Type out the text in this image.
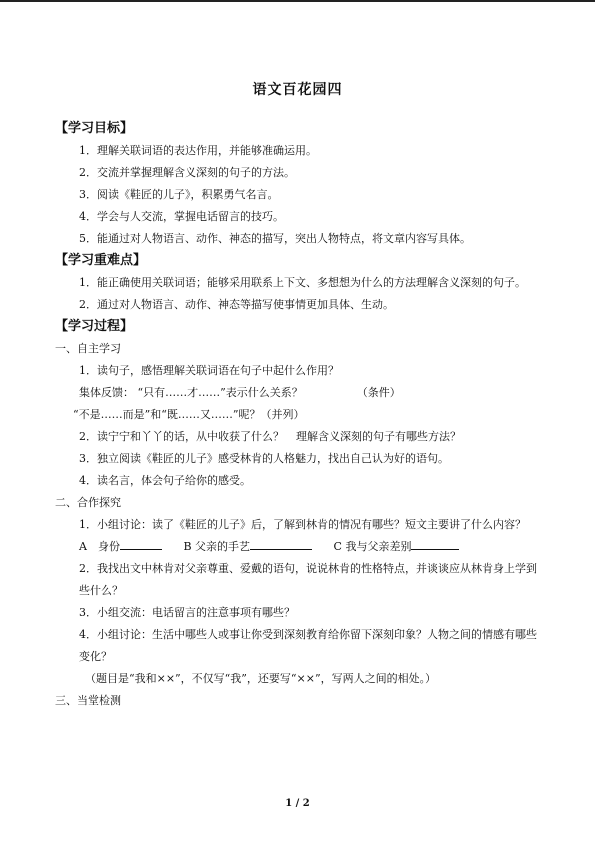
语文百花园四
【学习目标】
1．理解关联词语的表达作用，并能够准确运用。
2．交流并掌握理解含义深刻的句子的方法。
3．阅读《鞋匠的儿子》，积累勇气名言。
4．学会与人交流，掌握电话留言的技巧。
5．能通过对人物语言、动作、神态的描写，突出人物特点，将文章内容写具体。
【学习重难点】
1．能正确使用关联词语；能够采用联系上下文、多想想为什么的方法理解含义深刻的句子。
2．通过对人物语言、动作、神态等描写使事情更加具体、生动。
【学习过程】
一、自主学习
1．读句子，感悟理解关联词语在句子中起什么作用？
集体反馈： “只有……才……”表示什么关系？	（条件）
“不是……而是”和“既……又……”呢？（并列）
2．读宁宁和丫丫的话，从中收获了什么？ 理解含义深刻的句子有哪些方法？
3．独立阅读《鞋匠的儿子》感受林肯的人格魅力，找出自己认为好的语句。
4．读名言，体会句子给你的感受。
二、合作探究
1．小组讨论：读了《鞋匠的儿子》后，了解到林肯的情况有哪些？短文主要讲了什么内容？
A　身份	B 父亲的手艺	C 我与父亲差别
2．我找出文中林肯对父亲尊重、爱戴的语句，说说林肯的性格特点，并谈谈应从林肯身上学到些什么？
3．小组交流：电话留言的注意事项有哪些？
4．小组讨论：生活中哪些人或事让你受到深刻教育给你留下深刻印象？人物之间的情感有哪些变化？
（题目是“我和××”，不仅写“我”，还要写“××”，写两人之间的相处。）
三、当堂检测
1 / 2
